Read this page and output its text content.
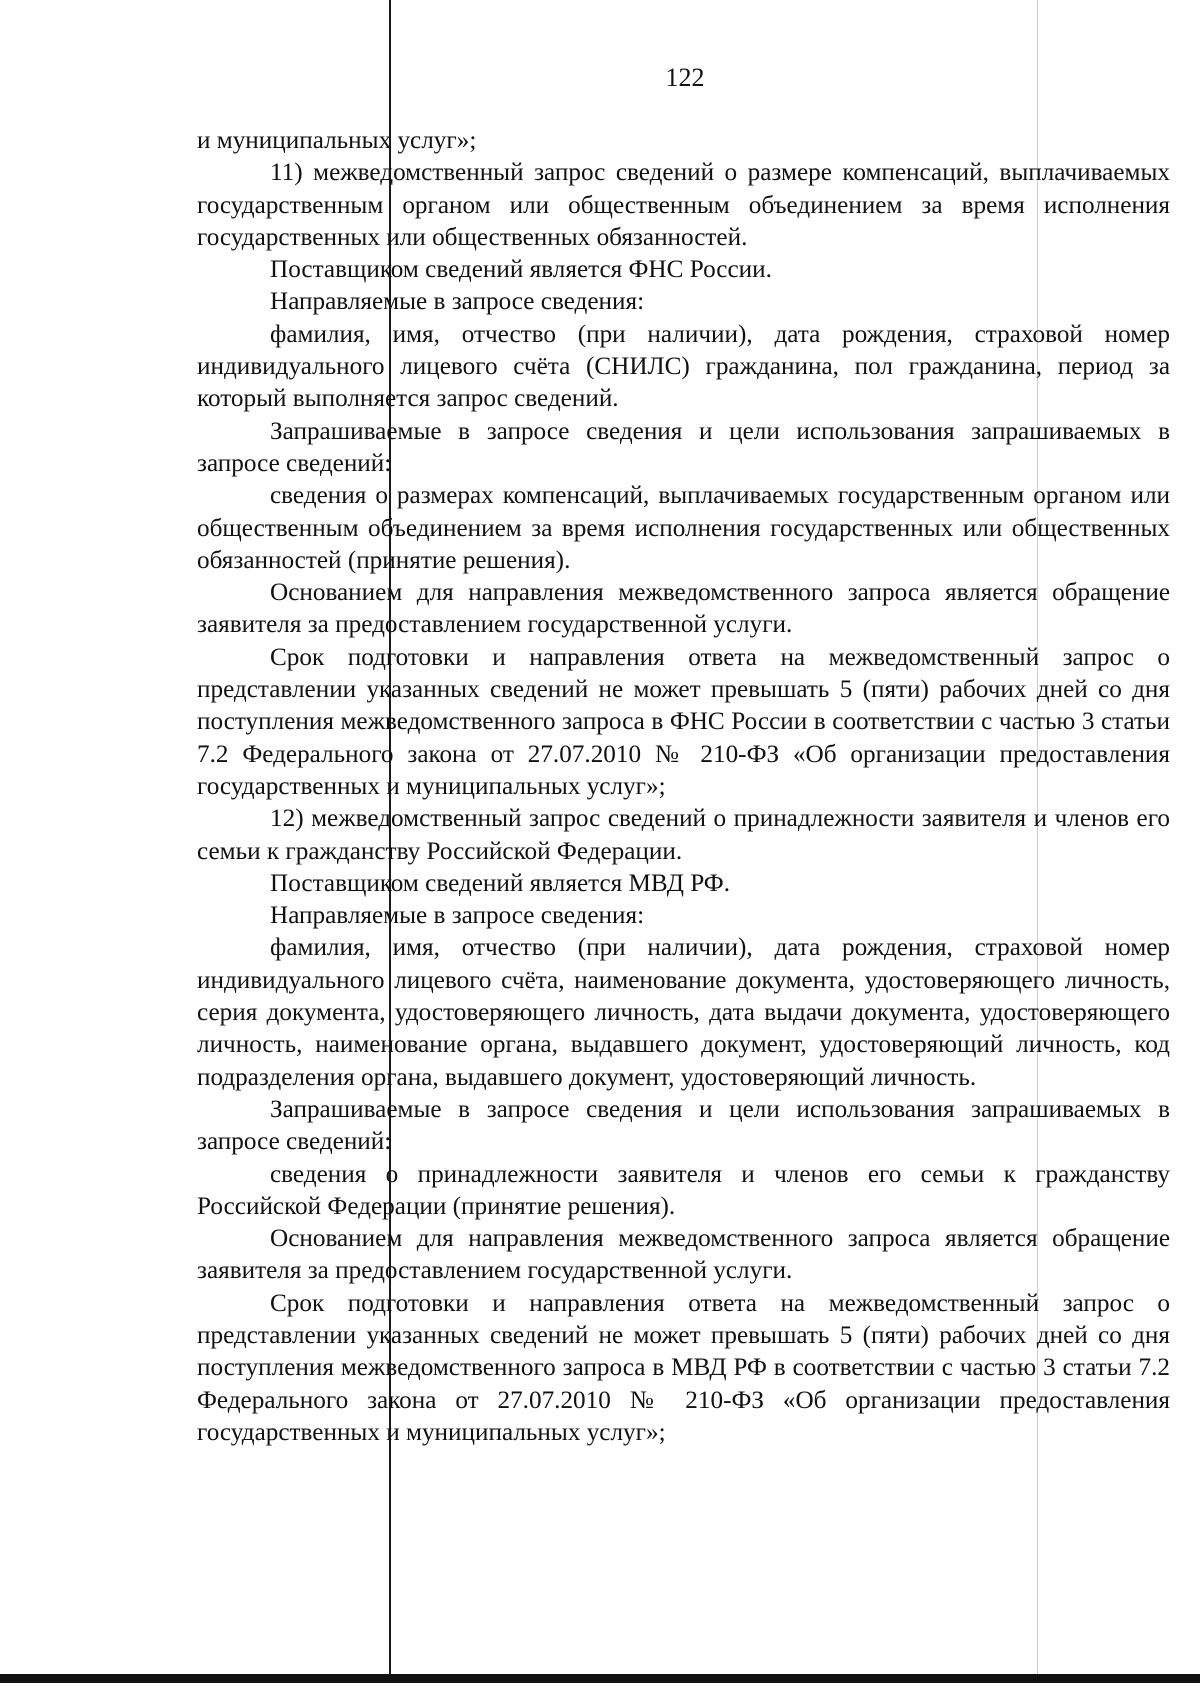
122

и муниципальных услуг»;

11) межведомственный запрос сведений о размере компенсаций, выплачиваемых государственным органом или общественным объединением за время исполнения государственных или общественных обязанностей.

Поставщиком сведений является ФНС России.

Направляемые в запросе сведения:

фамилия, имя, отчество (при наличии), дата рождения, страховой номер индивидуального лицевого счёта (СНИЛС) гражданина, пол гражданина, период за который выполняется запрос сведений.

Запрашиваемые в запросе сведения и цели использования запрашиваемых в запросе сведений:

сведения о размерах компенсаций, выплачиваемых государственным органом или общественным объединением за время исполнения государственных или общественных обязанностей (принятие решения).

Основанием для направления межведомственного запроса является обращение заявителя за предоставлением государственной услуги.

Срок подготовки и направления ответа на межведомственный запрос о представлении указанных сведений не может превышать 5 (пяти) рабочих дней со дня поступления межведомственного запроса в ФНС России в соответствии с частью 3 статьи 7.2 Федерального закона от 27.07.2010 № 210-ФЗ «Об организации предоставления государственных и муниципальных услуг»;

12) межведомственный запрос сведений о принадлежности заявителя и членов его семьи к гражданству Российской Федерации.

Поставщиком сведений является МВД РФ.

Направляемые в запросе сведения:

фамилия, имя, отчество (при наличии), дата рождения, страховой номер индивидуального лицевого счёта, наименование документа, удостоверяющего личность, серия документа, удостоверяющего личность, дата выдачи документа, удостоверяющего личность, наименование органа, выдавшего документ, удостоверяющий личность, код подразделения органа, выдавшего документ, удостоверяющий личность.

Запрашиваемые в запросе сведения и цели использования запрашиваемых в запросе сведений:

сведения о принадлежности заявителя и членов его семьи к гражданству Российской Федерации (принятие решения).

Основанием для направления межведомственного запроса является обращение заявителя за предоставлением государственной услуги.

Срок подготовки и направления ответа на межведомственный запрос о представлении указанных сведений не может превышать 5 (пяти) рабочих дней со дня поступления межведомственного запроса в МВД РФ в соответствии с частью 3 статьи 7.2 Федерального закона от 27.07.2010 № 210-ФЗ «Об организации предоставления государственных и муниципальных услуг»;
